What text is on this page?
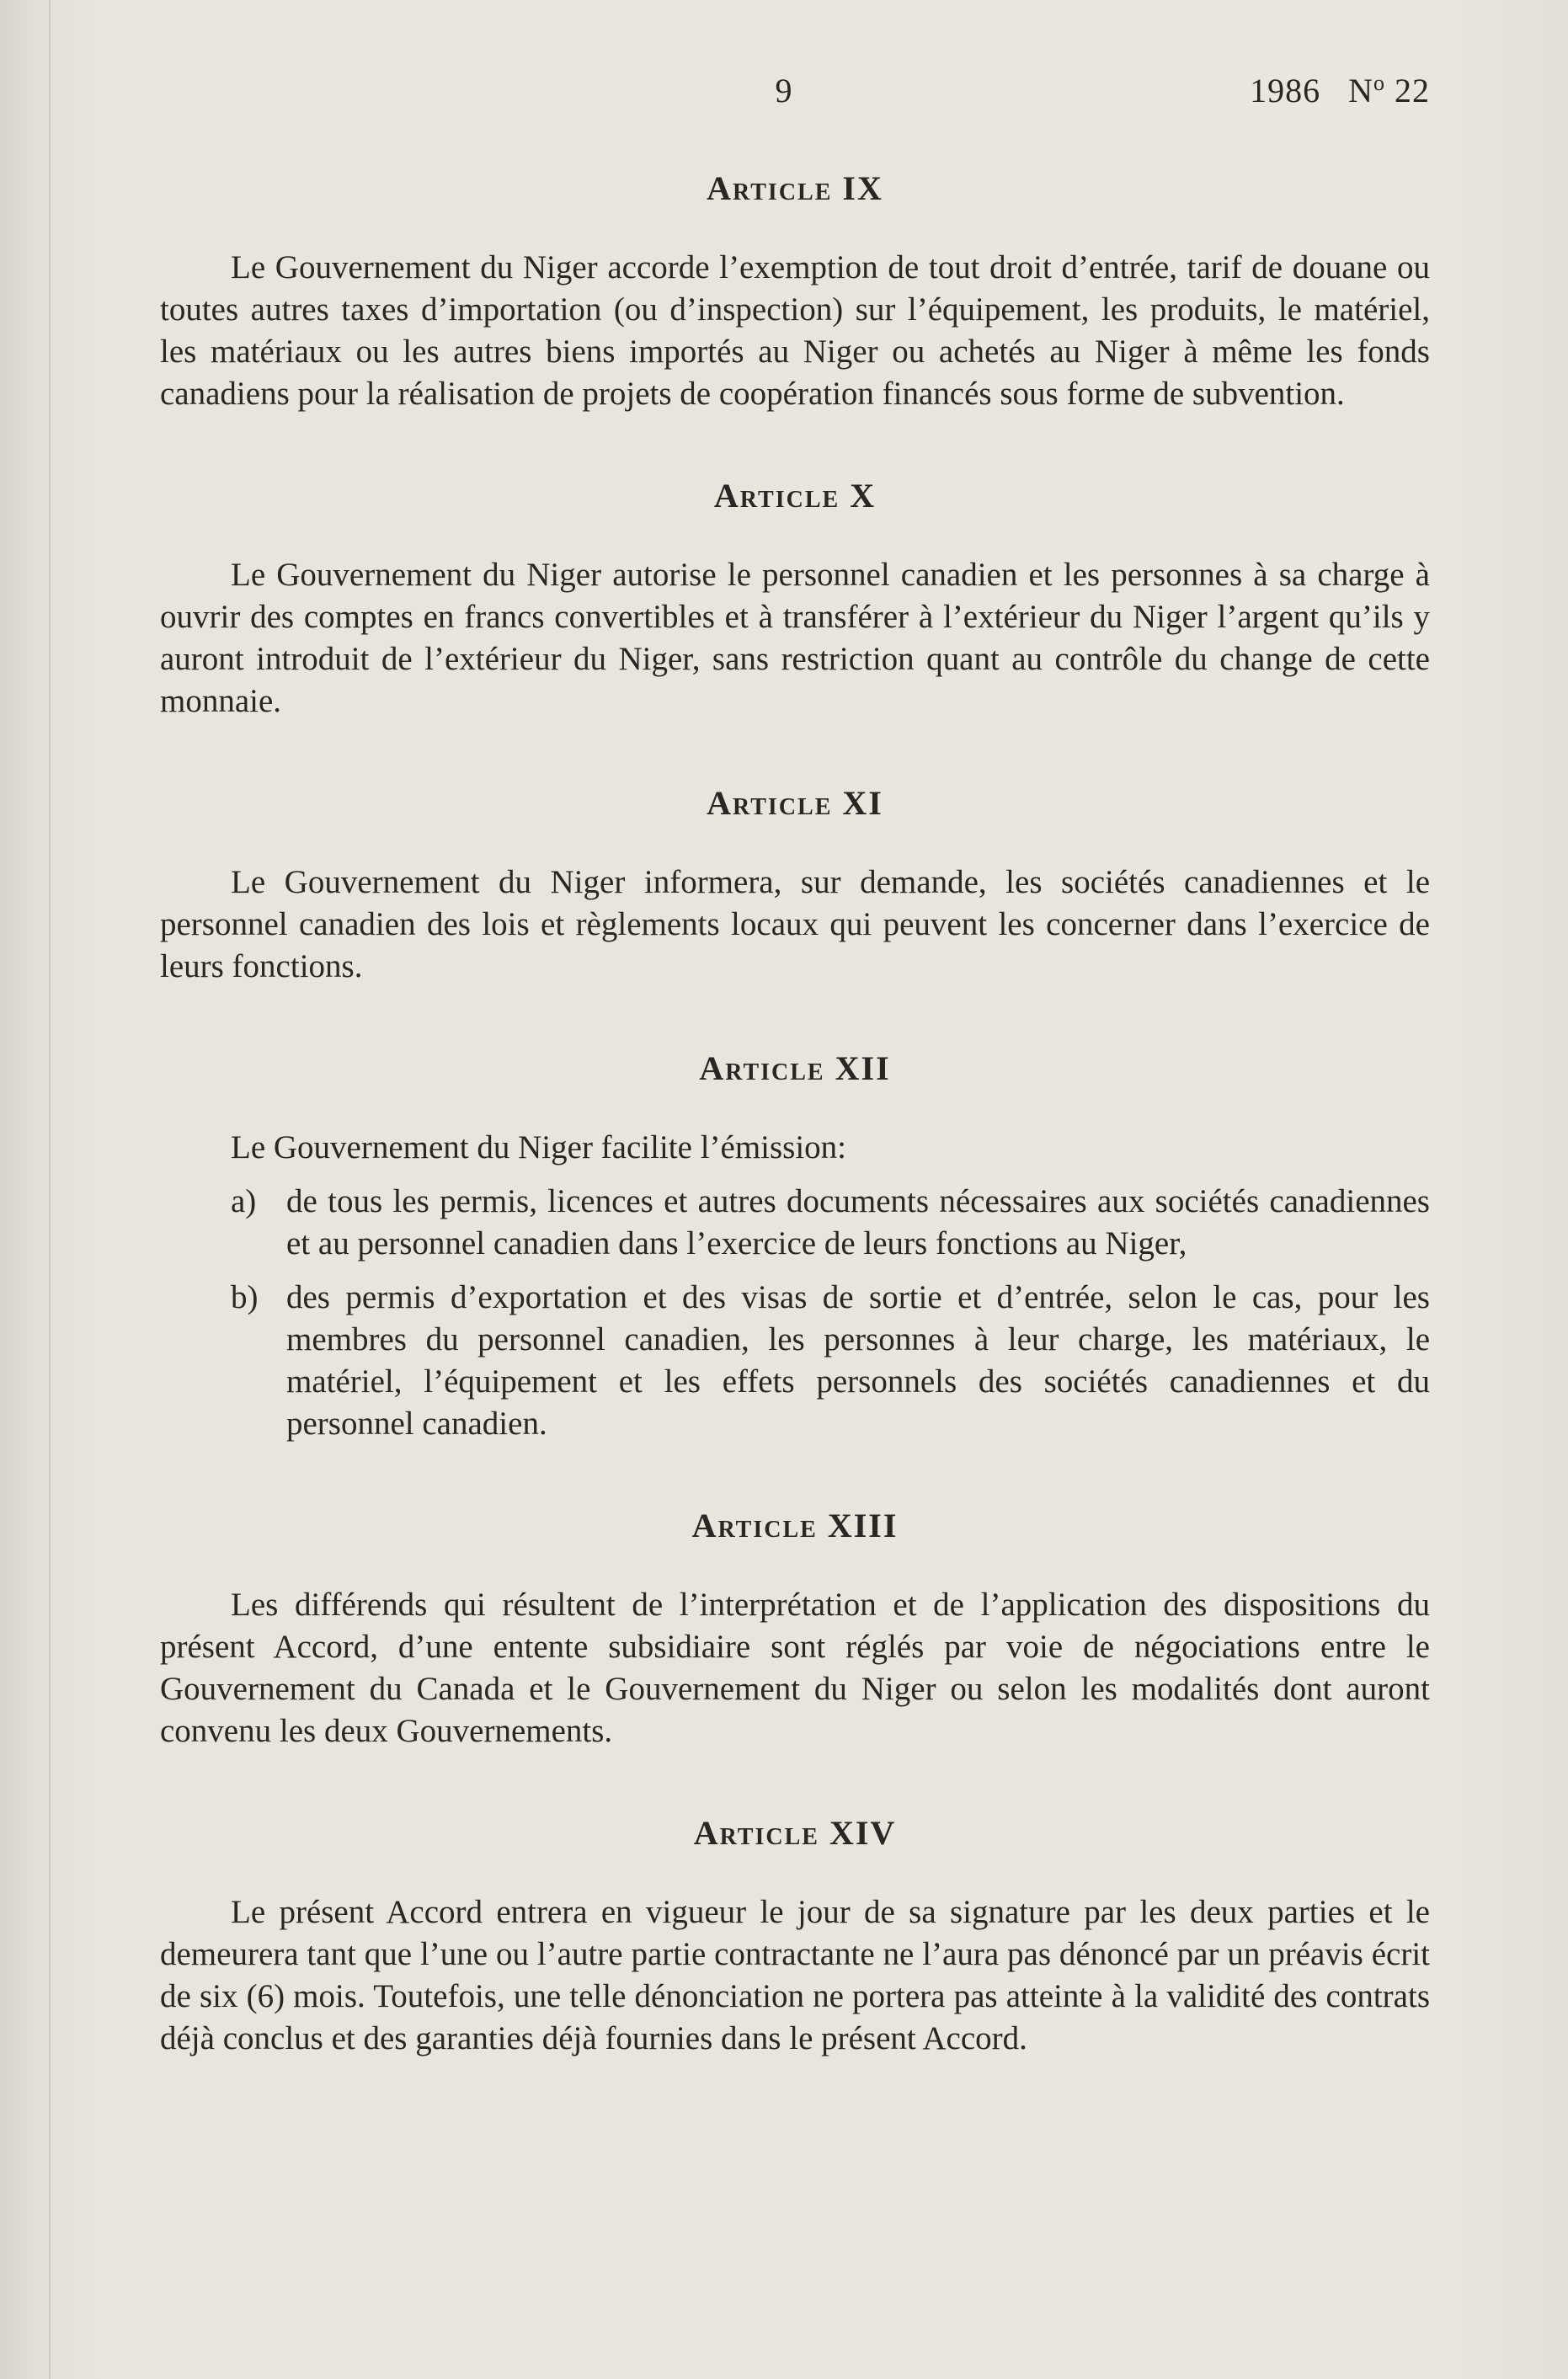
9	1986 $N^o$ 22
Article IX

Le Gouvernement du Niger accorde l’exemption de tout droit d’entrée, tarif de douane ou toutes autres taxes d’importation (ou d’inspection) sur l’équipement, les produits, le matériel, les matériaux ou les autres biens importés au Niger ou achetés au Niger à même les fonds canadiens pour la réalisation de projets de coopération financés sous forme de subvention.

Article X

Le Gouvernement du Niger autorise le personnel canadien et les personnes à sa charge à ouvrir des comptes en francs convertibles et à transférer à l’extérieur du Niger l’argent qu’ils y auront introduit de l’extérieur du Niger, sans restriction quant au contrôle du change de cette monnaie.

Article XI

Le Gouvernement du Niger informera, sur demande, les sociétés canadiennes et le personnel canadien des lois et règlements locaux qui peuvent les concerner dans l’exercice de leurs fonctions.

Article XII

Le Gouvernement du Niger facilite l’émission:

a) de tous les permis, licences et autres documents nécessaires aux sociétés canadiennes et au personnel canadien dans l’exercice de leurs fonctions au Niger,
b) des permis d’exportation et des visas de sortie et d’entrée, selon le cas, pour les membres du personnel canadien, les personnes à leur charge, les matériaux, le matériel, l’équipement et les effets personnels des sociétés canadiennes et du personnel canadien.
Article XIII

Les différends qui résultent de l’interprétation et de l’application des dispositions du présent Accord, d’une entente subsidiaire sont réglés par voie de négociations entre le Gouvernement du Canada et le Gouvernement du Niger ou selon les modalités dont auront convenu les deux Gouvernements.

Article XIV

Le présent Accord entrera en vigueur le jour de sa signature par les deux parties et le demeurera tant que l’une ou l’autre partie contractante ne l’aura pas dénoncé par un préavis écrit de six (6) mois. Toutefois, une telle dénonciation ne portera pas atteinte à la validité des contrats déjà conclus et des garanties déjà fournies dans le présent Accord.
